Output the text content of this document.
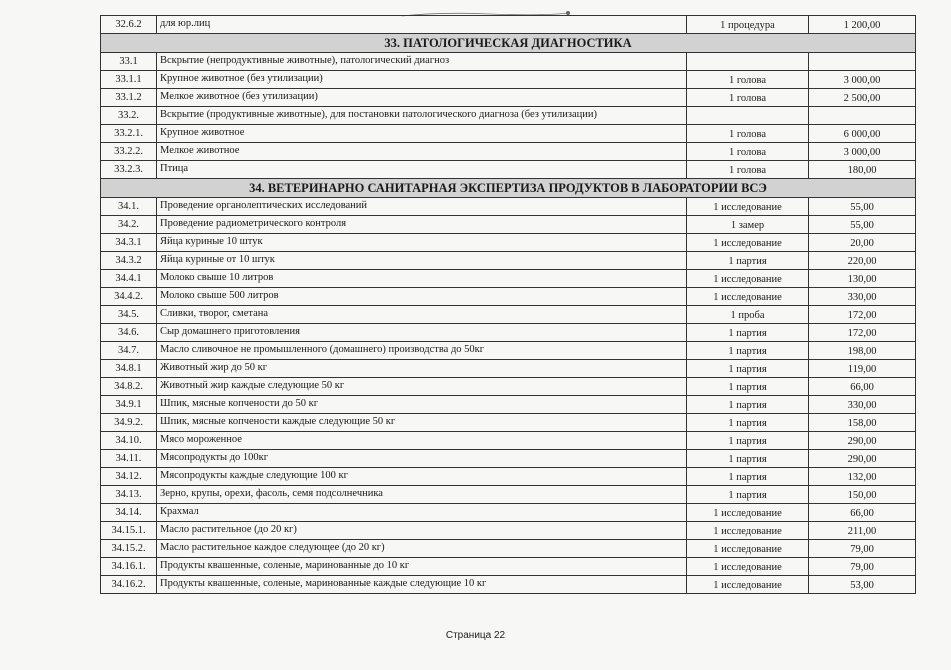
32.6.2	для юр.лиц	1 процедура	1 200,00
33. ПАТОЛОГИЧЕСКАЯ ДИАГНОСТИКА			
33.1	Вскрытие (непродуктивные животные), патологический диагноз		
33.1.1	Крупное животное (без утилизации)	1 голова	3 000,00
33.1.2	Мелкое животное (без утилизации)	1 голова	2 500,00
33.2.	Вскрытие (продуктивные животные), для постановки патологического диагноза (без утилизации)		
33.2.1.	Крупное животное	1 голова	6 000,00
33.2.2.	Мелкое животное	1 голова	3 000,00
33.2.3.	Птица	1 голова	180,00
34. ВЕТЕРИНАРНО САНИТАРНАЯ ЭКСПЕРТИЗА ПРОДУКТОВ В ЛАБОРАТОРИИ ВСЭ			
34.1.	Проведение органолептических исследований	1 исследование	55,00
34.2.	Проведение радиометрического контроля	1 замер	55,00
34.3.1	Яйца куриные 10 штук	1 исследование	20,00
34.3.2	Яйца куриные от 10 штук	1 партия	220,00
34.4.1	Молоко свыше 10 литров	1 исследование	130,00
34.4.2.	Молоко свыше 500 литров	1 исследование	330,00
34.5.	Сливки, творог, сметана	1 проба	172,00
34.6.	Сыр домашнего приготовления	1 партия	172,00
34.7.	Масло сливочное не промышленного (домашнего) производства до 50кг	1 партия	198,00
34.8.1	Животный жир до 50 кг	1 партия	119,00
34.8.2.	Животный жир каждые следующие 50 кг	1 партия	66,00
34.9.1	Шпик, мясные копчености до 50 кг	1 партия	330,00
34.9.2.	Шпик, мясные копчености каждые следующие 50 кг	1 партия	158,00
34.10.	Мясо мороженное	1 партия	290,00
34.11.	Мясопродукты до 100кг	1 партия	290,00
34.12.	Мясопродукты каждые следующие 100 кг	1 партия	132,00
34.13.	Зерно, крупы, орехи, фасоль, семя подсолнечника	1 партия	150,00
34.14.	Крахмал	1 исследование	66,00
34.15.1.	Масло растительное (до 20 кг)	1 исследование	211,00
34.15.2.	Масло растительное каждое следующее (до 20 кг)	1 исследование	79,00
34.16.1.	Продукты квашенные, соленые, маринованные до 10 кг	1 исследование	79,00
34.16.2.	Продукты квашенные, соленые, маринованные каждые следующие 10 кг	1 исследование	53,00
Страница 22
